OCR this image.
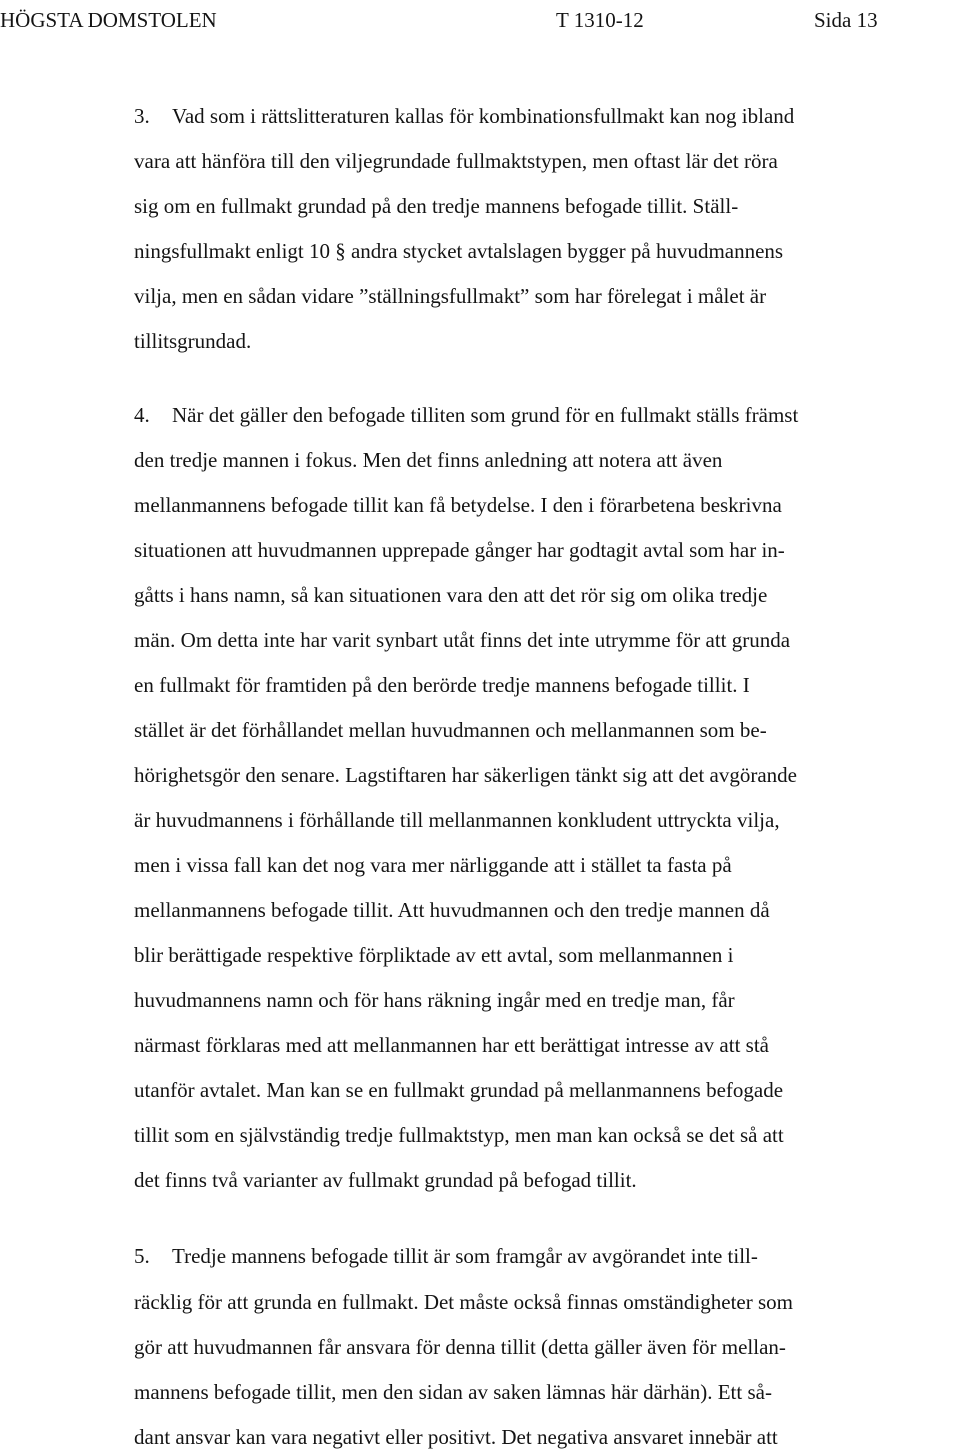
HÖGSTA DOMSTOLEN	T 1310-12	Sida 13
3. Vad som i rättslitteraturen kallas för kombinationsfullmakt kan nog ibland
vara att hänföra till den viljegrundade fullmaktstypen, men oftast lär det röra
sig om en fullmakt grundad på den tredje mannens befogade tillit. Ställ-
ningsfullmakt enligt 10 § andra stycket avtalslagen bygger på huvudmannens
vilja, men en sådan vidare ”ställningsfullmakt” som har förelegat i målet är
tillitsgrundad.
4. När det gäller den befogade tilliten som grund för en fullmakt ställs främst
den tredje mannen i fokus. Men det finns anledning att notera att även
mellanmannens befogade tillit kan få betydelse. I den i förarbetena beskrivna
situationen att huvudmannen upprepade gånger har godtagit avtal som har in-
gåtts i hans namn, så kan situationen vara den att det rör sig om olika tredje
män. Om detta inte har varit synbart utåt finns det inte utrymme för att grunda
en fullmakt för framtiden på den berörde tredje mannens befogade tillit. I
stället är det förhållandet mellan huvudmannen och mellanmannen som be-
hörighetsgör den senare. Lagstiftaren har säkerligen tänkt sig att det avgörande
är huvudmannens i förhållande till mellanmannen konkludent uttryckta vilja,
men i vissa fall kan det nog vara mer närliggande att i stället ta fasta på
mellanmannens befogade tillit. Att huvudmannen och den tredje mannen då
blir berättigade respektive förpliktade av ett avtal, som mellanmannen i
huvudmannens namn och för hans räkning ingår med en tredje man, får
närmast förklaras med att mellanmannen har ett berättigat intresse av att stå
utanför avtalet. Man kan se en fullmakt grundad på mellanmannens befogade
tillit som en självständig tredje fullmaktstyp, men man kan också se det så att
det finns två varianter av fullmakt grundad på befogad tillit.
5. Tredje mannens befogade tillit är som framgår av avgörandet inte till-
räcklig för att grunda en fullmakt. Det måste också finnas omständigheter som
gör att huvudmannen får ansvara för denna tillit (detta gäller även för mellan-
mannens befogade tillit, men den sidan av saken lämnas här därhän). Ett så-
dant ansvar kan vara negativt eller positivt. Det negativa ansvaret innebär att
